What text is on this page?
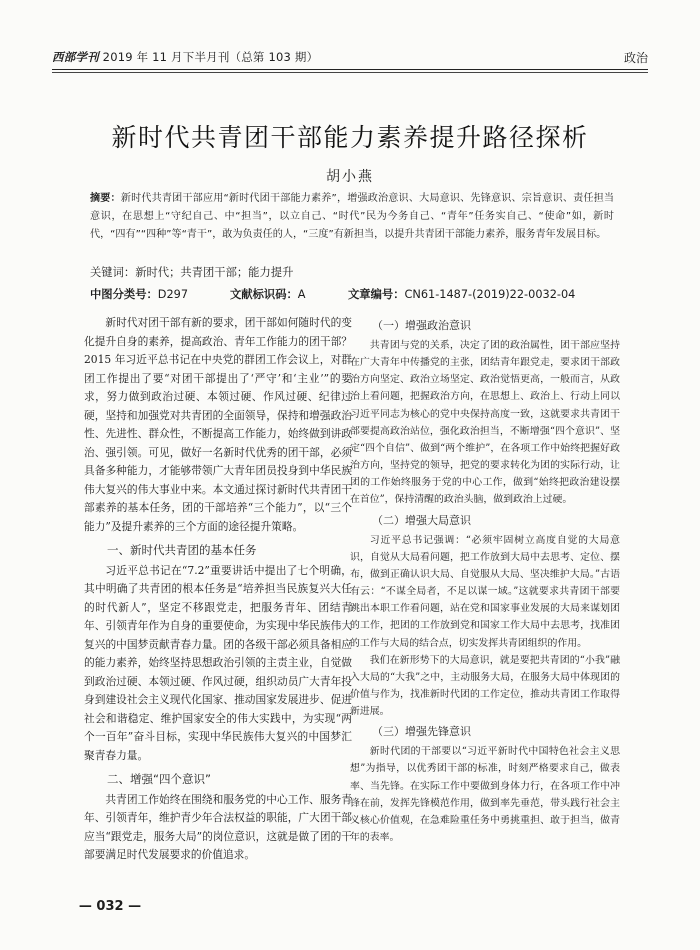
西部学刊 2019 年 11 月下半月刊（总第 103 期）	政治
新时代共青团干部能力素养提升路径探析
胡小燕
摘要：新时代共青团干部应用“新时代团干部能力素养”，增强政治意识、大局意识、先锋意识、宗旨意识、责任担当意识，在思想上“守纪自己、中“担当”，以立自己、“时代”民为今务自己、“青年”任务实自己、“使命”如，新时代，“四有”“四种”等“青干”，敢为负责任的人，“三度”有新担当，以提升共青团干部能力素养，服务青年发展目标。
关键词：新时代；共青团干部；能力提升
中图分类号：D297	文献标识码：A	文章编号：CN61-1487-(2019)22-0032-04

新时代对团干部有新的要求，团干部如何随时代的变化提升自身的素养，提高政治、青年工作能力的团干部？2015 年习近平总书记在中央党的群团工作会议上，对群团工作提出了要“对团干部提出了‘严守’和‘主业’”的要求，努力做到政治过硬、本领过硬、作风过硬、纪律过硬，坚持和加强党对共青团的全面领导，保持和增强政治性、先进性、群众性，不断提高工作能力，始终做到讲政治、强引领。可见，做好一名新时代优秀的团干部，必须具备多种能力，才能够带领广大青年团员投身到中华民族伟大复兴的伟大事业中来。本文通过探讨新时代共青团干部素养的基本任务，团的干部培养“三个能力”，以“三个能力”及提升素养的三个方面的途径提升策略。

一、新时代共青团的基本任务

习近平总书记在“7.2”重要讲话中提出了七个明确，其中明确了共青团的根本任务是“培养担当民族复兴大任的时代新人”，坚定不移跟党走，把服务青年、团结青年、引领青年作为自身的重要使命，为实现中华民族伟大复兴的中国梦贡献青春力量。团的各级干部必须具备相应的能力素养，始终坚持思想政治引领的主责主业，自觉做到政治过硬、本领过硬、作风过硬，组织动员广大青年投身到建设社会主义现代化国家、推动国家发展进步、促进社会和谐稳定、维护国家安全的伟大实践中，为实现“两个一百年”奋斗目标，实现中华民族伟大复兴的中国梦汇聚青春力量。

二、增强“四个意识”

共青团工作始终在围绕和服务党的中心工作、服务青年、引领青年，维护青少年合法权益的职能，广大团干部应当“跟党走，服务大局”的岗位意识，这就是做了团的干部要满足时代发展要求的价值追求。

（一）增强政治意识

共青团与党的关系，决定了团的政治属性，团干部应坚持在广大青年中传播党的主张，团结青年跟党走，要求团干部政治方向坚定、政治立场坚定、政治觉悟更高，一般而言，从政治上看问题，把握政治方向，在思想上、政治上、行动上同以习近平同志为核心的党中央保持高度一致，这就要求共青团干部要提高政治站位，强化政治担当，不断增强“四个意识”、坚定“四个自信”、做到“两个维护”，在各项工作中始终把握好政治方向，坚持党的领导，把党的要求转化为团的实际行动，让团的工作始终服务于党的中心工作，做到“始终把政治建设摆在首位”，保持清醒的政治头脑，做到政治上过硬。

（二）增强大局意识

习近平总书记强调：“必须牢固树立高度自觉的大局意识，自觉从大局看问题，把工作放到大局中去思考、定位、摆布，做到正确认识大局、自觉服从大局、坚决维护大局。”古语有云：“不谋全局者，不足以谋一域。”这就要求共青团干部要跳出本职工作看问题，站在党和国家事业发展的大局来谋划团的工作，把团的工作放到党和国家工作大局中去思考，找准团的工作与大局的结合点，切实发挥共青团组织的作用。

我们在新形势下的大局意识，就是要把共青团的“小我”融入大局的“大我”之中，主动服务大局，在服务大局中体现团的价值与作为，找准新时代团的工作定位，推动共青团工作取得新进展。

（三）增强先锋意识

新时代团的干部要以“习近平新时代中国特色社会主义思想”为指导，以优秀团干部的标准，时刻严格要求自己，做表率、当先锋。在实际工作中要做到身体力行，在各项工作中冲锋在前，发挥先锋模范作用，做到率先垂范，带头践行社会主义核心价值观，在急难险重任务中勇挑重担、敢于担当，做青年的表率。

— 032 —
